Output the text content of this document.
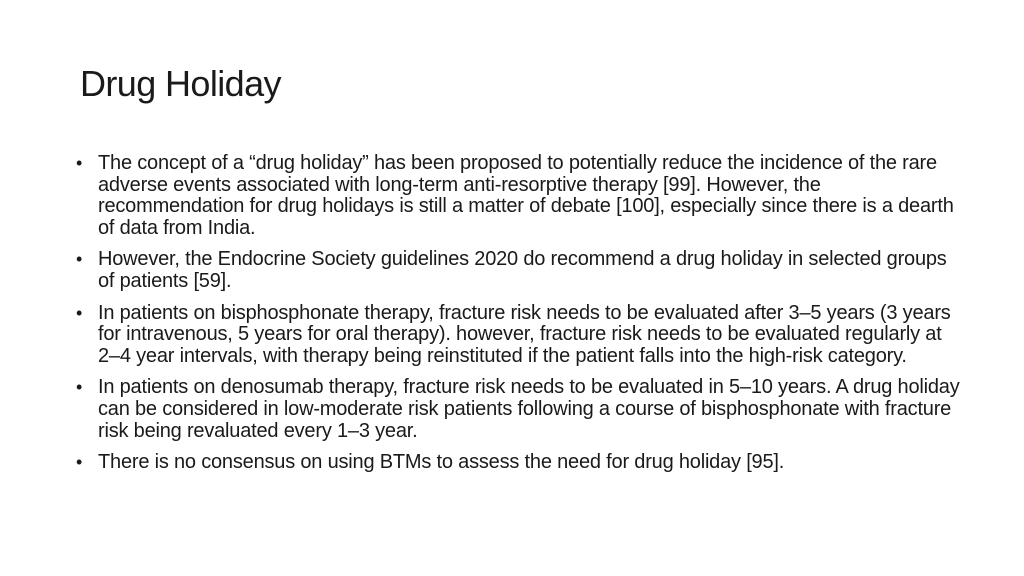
Drug Holiday
• The concept of a “drug holiday” has been proposed to potentially reduce the incidence of the rare adverse events associated with long-term anti-resorptive therapy [99]. However, the recommendation for drug holidays is still a matter of debate [100], especially since there is a dearth of data from India.
• However, the Endocrine Society guidelines 2020 do recommend a drug holiday in selected groups of patients [59].
• In patients on bisphosphonate therapy, fracture risk needs to be evaluated after 3–5 years (3 years for intravenous, 5 years for oral therapy). however, fracture risk needs to be evaluated regularly at 2–4 year intervals, with therapy being reinstituted if the patient falls into the high-risk category.
• In patients on denosumab therapy, fracture risk needs to be evaluated in 5–10 years. A drug holiday can be considered in low-moderate risk patients following a course of bisphosphonate with fracture risk being revaluated every 1–3 year.
• There is no consensus on using BTMs to assess the need for drug holiday [95].
